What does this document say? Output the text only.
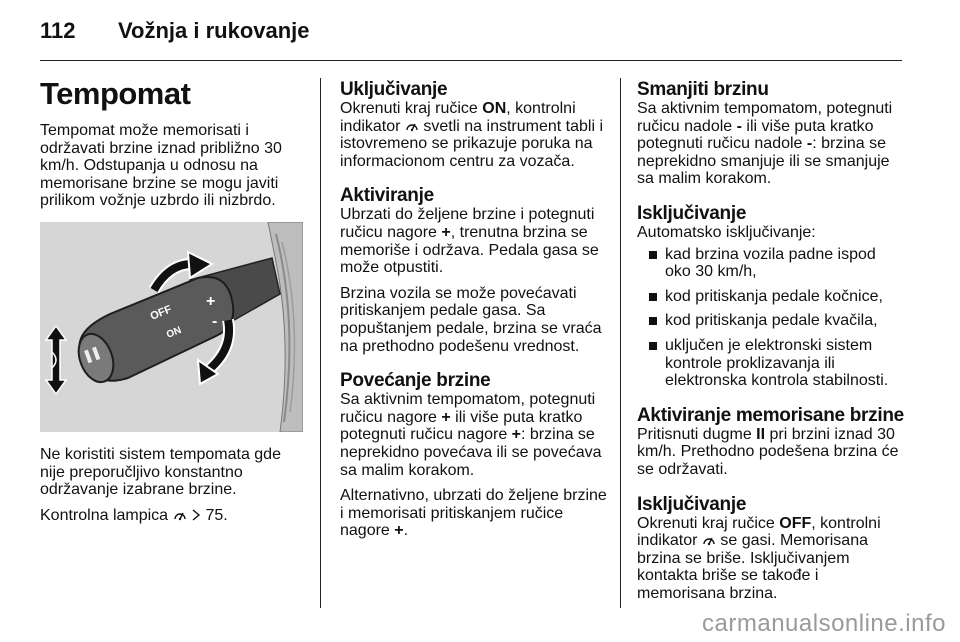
112 Vožnja i rukovanje
Tempomat

Tempomat može memorisati i održavati brzine iznad približno 30 km/h. Odstupanja u odnosu na memorisane brzine se mogu javiti prilikom vožnje uzbrdo ili nizbrdo.

OFF
ON
+
-

Ne koristiti sistem tempomata gde nije preporučljivo konstantno održavanje izabrane brzine.

Kontrolna lampica 75.

Uključivanje

Okrenuti kraj ručice ON, kontrolni indikator  svetli na instrument tabli i istovremeno se prikazuje poruka na informacionom centru za vozača.

Aktiviranje

Ubrzati do željene brzine i potegnuti ručicu nagore +, trenutna brzina se memoriše i održava. Pedala gasa se može otpustiti.

Brzina vozila se može povećavati pritiskanjem pedale gasa. Sa popuštanjem pedale, brzina se vraća na prethodno podešenu vrednost.

Povećanje brzine

Sa aktivnim tempomatom, potegnuti ručicu nagore + ili više puta kratko potegnuti ručicu nagore +: brzina se neprekidno povećava ili se povećava sa malim korakom.

Alternativno, ubrzati do željene brzine i memorisati pritiskanjem ručice nagore +.

Smanjiti brzinu

Sa aktivnim tempomatom, potegnuti ručicu nadole - ili više puta kratko potegnuti ručicu nadole -: brzina se neprekidno smanjuje ili se smanjuje sa malim korakom.

Isključivanje

Automatsko isključivanje:

kad brzina vozila padne ispod oko 30 km/h,
kod pritiskanja pedale kočnice,
kod pritiskanja pedale kvačila,
uključen je elektronski sistem kontrole proklizavanja ili elektronska kontrola stabilnosti.
Aktiviranje memorisane brzine

Pritisnuti dugme II pri brzini iznad 30 km/h. Prethodno podešena brzina će se održavati.

Isključivanje

Okrenuti kraj ručice OFF, kontrolni indikator  se gasi. Memorisana brzina se briše. Isključivanjem kontakta briše se takođe i memorisana brzina.

carmanualsonline.info
